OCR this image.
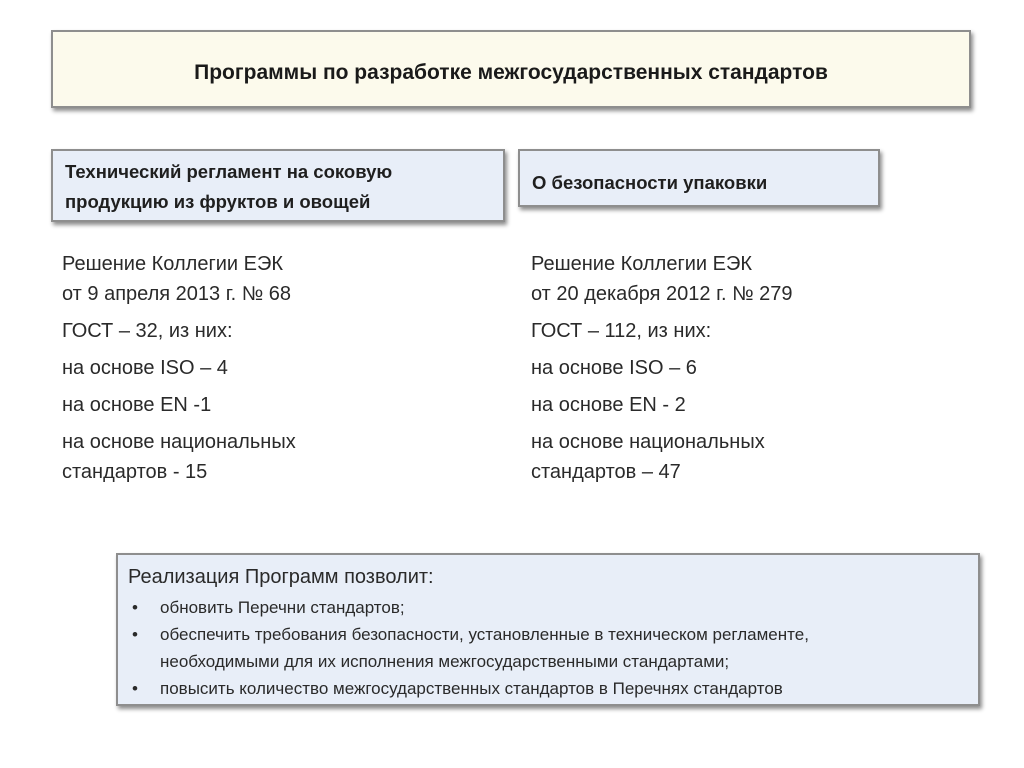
Программы по разработке межгосударственных стандартов
Технический регламент на соковую
продукцию из фруктов и овощей
О безопасности упаковки
Решение Коллегии ЕЭК
от 9 апреля 2013 г. № 68
ГОСТ – 32, из них:
на основе ISO – 4
на основе EN -1
на основе национальных
стандартов - 15
Решение Коллегии ЕЭК
от 20 декабря 2012 г. № 279
ГОСТ – 112, из них:
на основе ISO – 6
на основе EN - 2
на основе национальных
стандартов – 47
Реализация Программ позволит:
• обновить Перечни стандартов;
• обеспечить требования безопасности, установленные в техническом регламенте,
необходимыми для их исполнения межгосударственными стандартами;
• повысить количество межгосударственных стандартов в Перечнях стандартов
